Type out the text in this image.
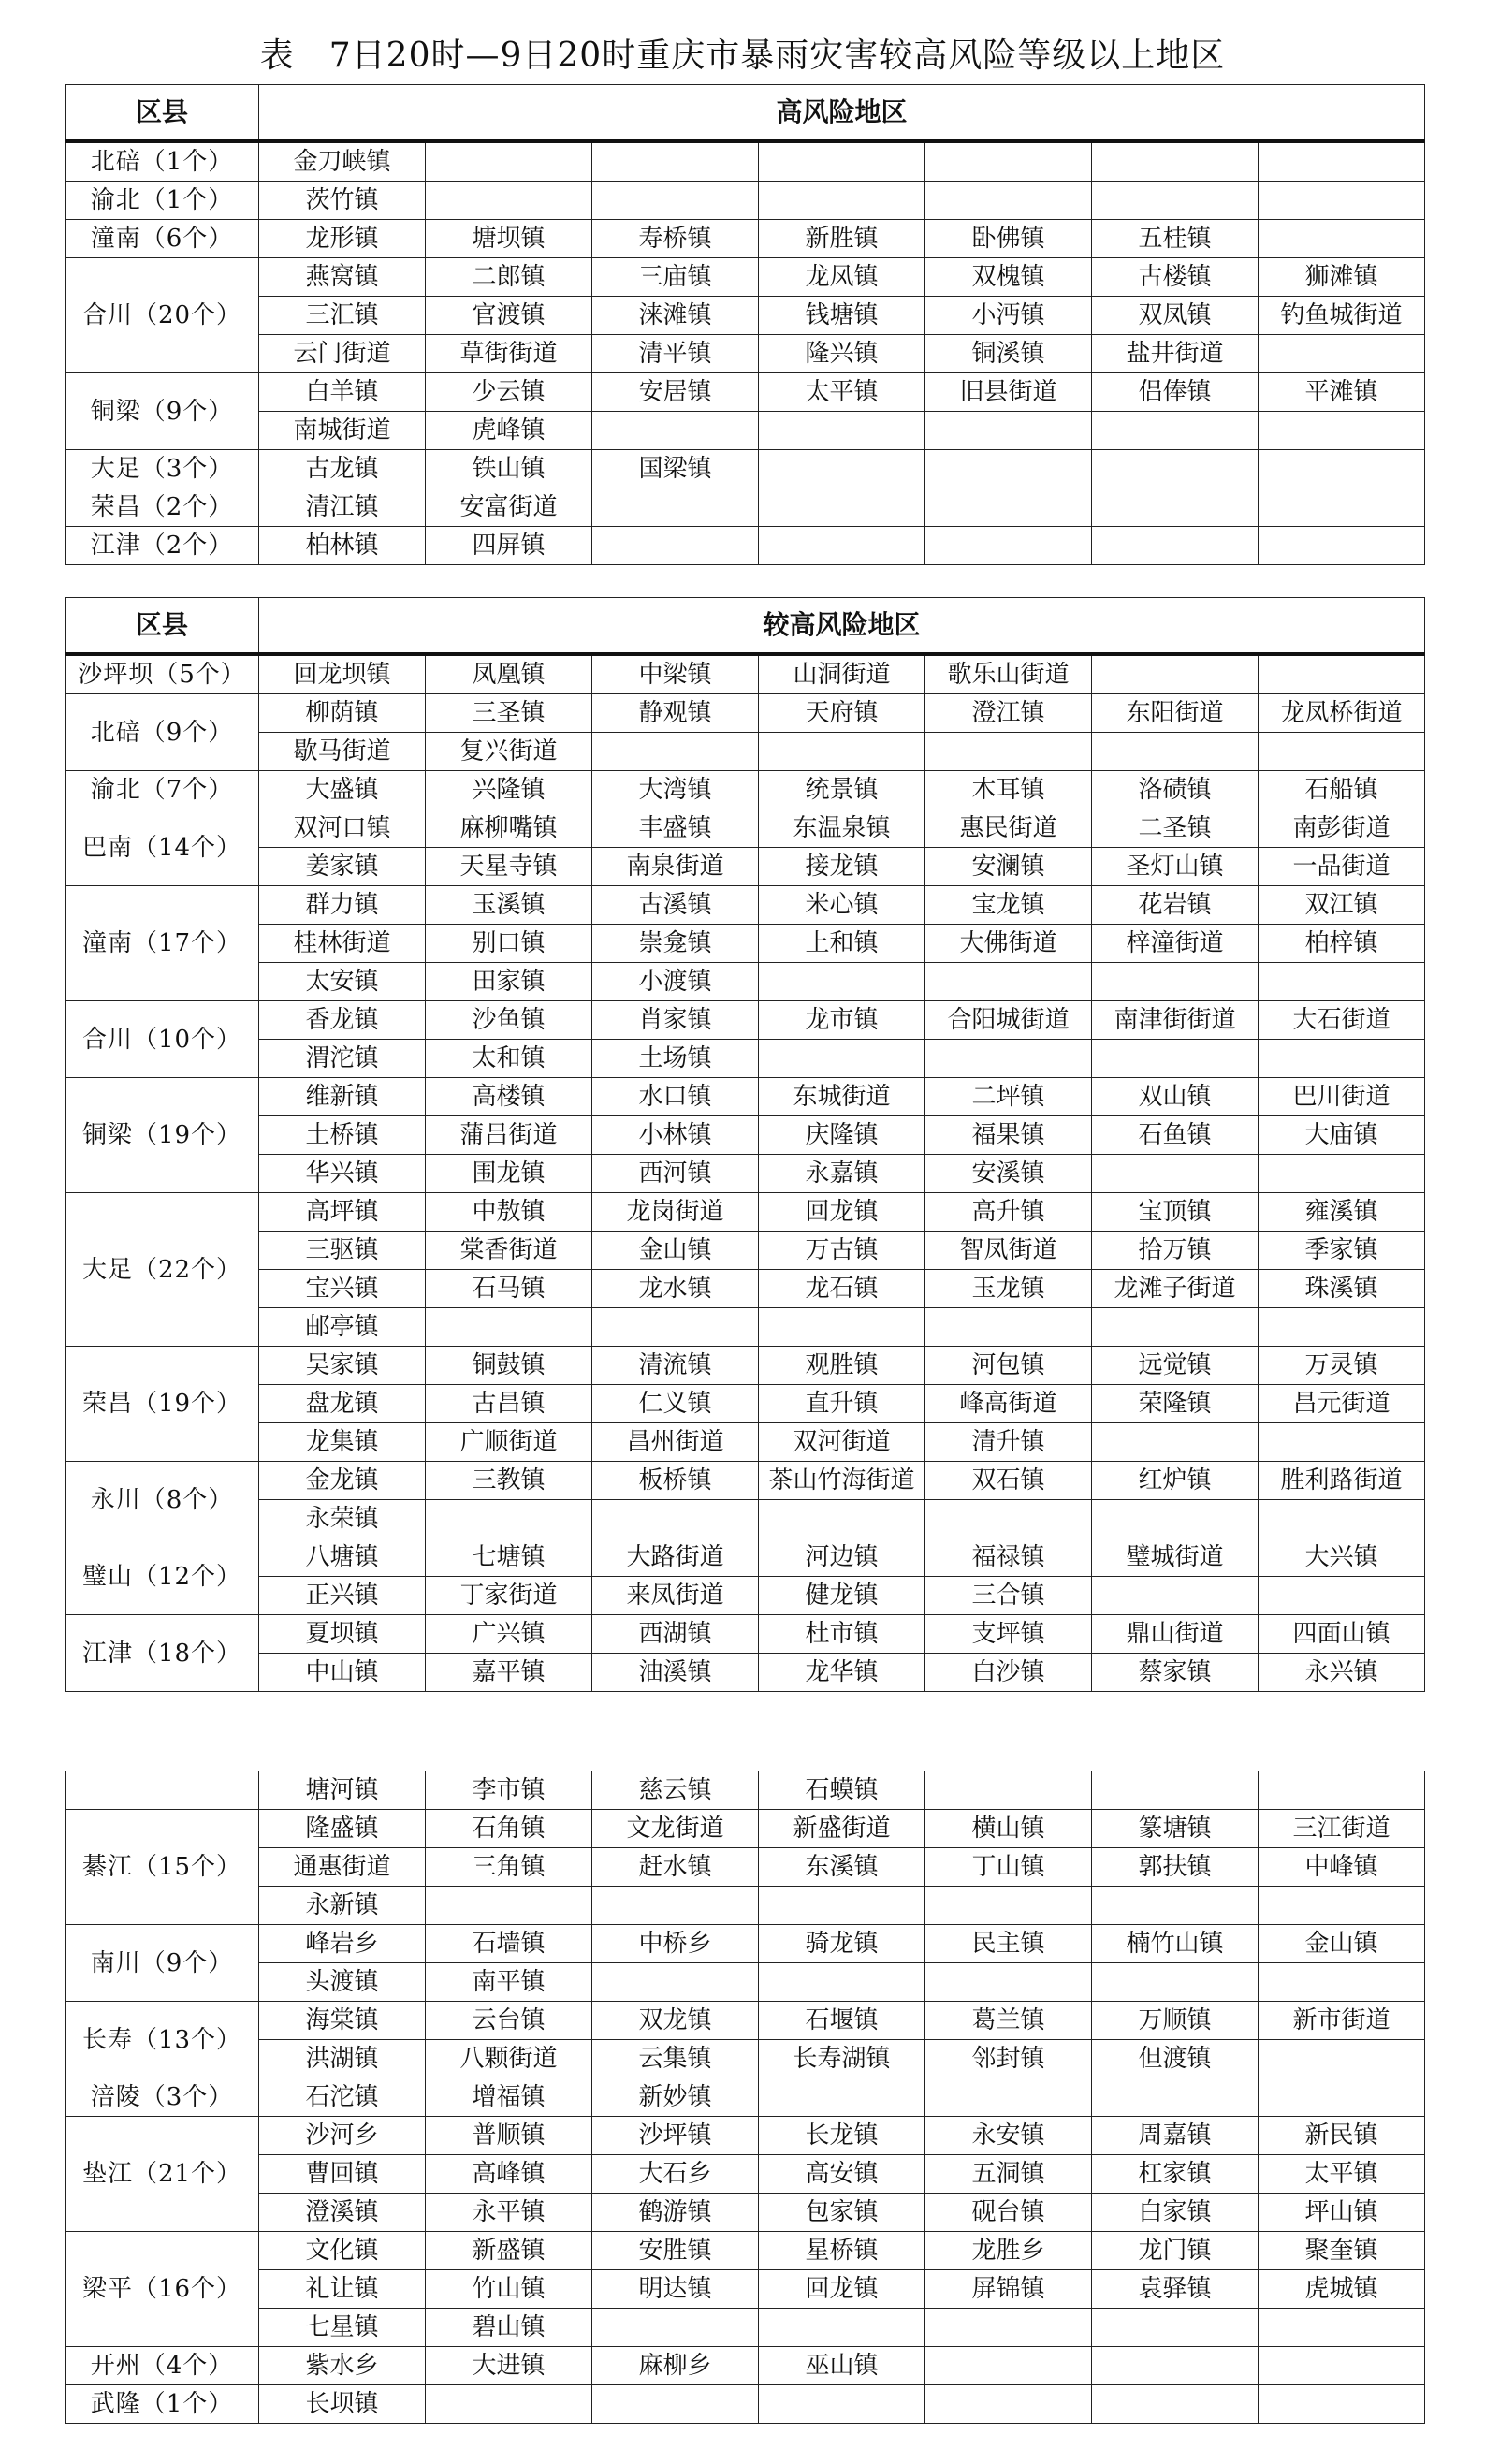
表　7日20时—9日20时重庆市暴雨灾害较高风险等级以上地区
区县	高风险地区						
北碚（1个）	金刀峡镇						
渝北（1个）	茨竹镇						
潼南（6个）	龙形镇	塘坝镇	寿桥镇	新胜镇	卧佛镇	五桂镇	
合川（20个）	燕窝镇	二郎镇	三庙镇	龙凤镇	双槐镇	古楼镇	狮滩镇
	三汇镇	官渡镇	涞滩镇	钱塘镇	小沔镇	双凤镇	钓鱼城街道
	云门街道	草街街道	清平镇	隆兴镇	铜溪镇	盐井街道	
铜梁（9个）	白羊镇	少云镇	安居镇	太平镇	旧县街道	侣俸镇	平滩镇
	南城街道	虎峰镇					
大足（3个）	古龙镇	铁山镇	国梁镇				
荣昌（2个）	清江镇	安富街道					
江津（2个）	柏林镇	四屏镇					
区县	较高风险地区						
沙坪坝（5个）	回龙坝镇	凤凰镇	中梁镇	山洞街道	歌乐山街道		
北碚（9个）	柳荫镇	三圣镇	静观镇	天府镇	澄江镇	东阳街道	龙凤桥街道
	歇马街道	复兴街道					
渝北（7个）	大盛镇	兴隆镇	大湾镇	统景镇	木耳镇	洛碛镇	石船镇
巴南（14个）	双河口镇	麻柳嘴镇	丰盛镇	东温泉镇	惠民街道	二圣镇	南彭街道
	姜家镇	天星寺镇	南泉街道	接龙镇	安澜镇	圣灯山镇	一品街道
潼南（17个）	群力镇	玉溪镇	古溪镇	米心镇	宝龙镇	花岩镇	双江镇
	桂林街道	别口镇	崇龛镇	上和镇	大佛街道	梓潼街道	柏梓镇
	太安镇	田家镇	小渡镇				
合川（10个）	香龙镇	沙鱼镇	肖家镇	龙市镇	合阳城街道	南津街街道	大石街道
	渭沱镇	太和镇	土场镇				
铜梁（19个）	维新镇	高楼镇	水口镇	东城街道	二坪镇	双山镇	巴川街道
	土桥镇	蒲吕街道	小林镇	庆隆镇	福果镇	石鱼镇	大庙镇
	华兴镇	围龙镇	西河镇	永嘉镇	安溪镇		
大足（22个）	高坪镇	中敖镇	龙岗街道	回龙镇	高升镇	宝顶镇	雍溪镇
	三驱镇	棠香街道	金山镇	万古镇	智凤街道	拾万镇	季家镇
	宝兴镇	石马镇	龙水镇	龙石镇	玉龙镇	龙滩子街道	珠溪镇
	邮亭镇						
荣昌（19个）	吴家镇	铜鼓镇	清流镇	观胜镇	河包镇	远觉镇	万灵镇
	盘龙镇	古昌镇	仁义镇	直升镇	峰高街道	荣隆镇	昌元街道
	龙集镇	广顺街道	昌州街道	双河街道	清升镇		
永川（8个）	金龙镇	三教镇	板桥镇	茶山竹海街道	双石镇	红炉镇	胜利路街道
	永荣镇						
璧山（12个）	八塘镇	七塘镇	大路街道	河边镇	福禄镇	璧城街道	大兴镇
	正兴镇	丁家街道	来凤街道	健龙镇	三合镇		
江津（18个）	夏坝镇	广兴镇	西湖镇	杜市镇	支坪镇	鼎山街道	四面山镇
	中山镇	嘉平镇	油溪镇	龙华镇	白沙镇	蔡家镇	永兴镇
	塘河镇	李市镇	慈云镇	石蟆镇			
綦江（15个）	隆盛镇	石角镇	文龙街道	新盛街道	横山镇	篆塘镇	三江街道
	通惠街道	三角镇	赶水镇	东溪镇	丁山镇	郭扶镇	中峰镇
	永新镇						
南川（9个）	峰岩乡	石墙镇	中桥乡	骑龙镇	民主镇	楠竹山镇	金山镇
	头渡镇	南平镇					
长寿（13个）	海棠镇	云台镇	双龙镇	石堰镇	葛兰镇	万顺镇	新市街道
	洪湖镇	八颗街道	云集镇	长寿湖镇	邻封镇	但渡镇	
涪陵（3个）	石沱镇	增福镇	新妙镇				
垫江（21个）	沙河乡	普顺镇	沙坪镇	长龙镇	永安镇	周嘉镇	新民镇
	曹回镇	高峰镇	大石乡	高安镇	五洞镇	杠家镇	太平镇
	澄溪镇	永平镇	鹤游镇	包家镇	砚台镇	白家镇	坪山镇
梁平（16个）	文化镇	新盛镇	安胜镇	星桥镇	龙胜乡	龙门镇	聚奎镇
	礼让镇	竹山镇	明达镇	回龙镇	屏锦镇	袁驿镇	虎城镇
	七星镇	碧山镇					
开州（4个）	紫水乡	大进镇	麻柳乡	巫山镇			
武隆（1个）	长坝镇						
